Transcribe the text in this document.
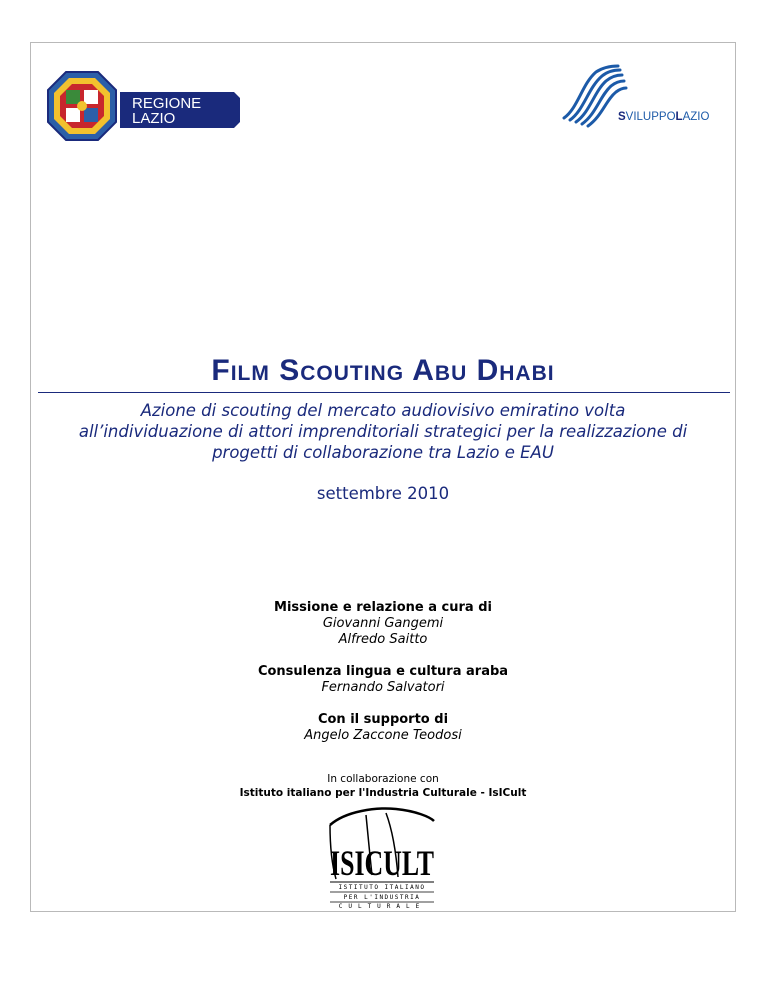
REGIONE
LAZIO	SVILUPPOLAZIO
Film Scouting Abu Dhabi
Azione di scouting del mercato audiovisivo emiratino volta
all’individuazione di attori imprenditoriali strategici per la realizzazione di
progetti di collaborazione tra Lazio e EAU
settembre 2010
Missione e relazione a cura di
Giovanni Gangemi
Alfredo Saitto
Consulenza lingua e cultura araba
Fernando Salvatori
Con il supporto di
Angelo Zaccone Teodosi
In collaborazione con
Istituto italiano per l'Industria Culturale - IsICult
ISICULT
ISTITUTO ITALIANO
PER L'INDUSTRIA
CULTURALE
